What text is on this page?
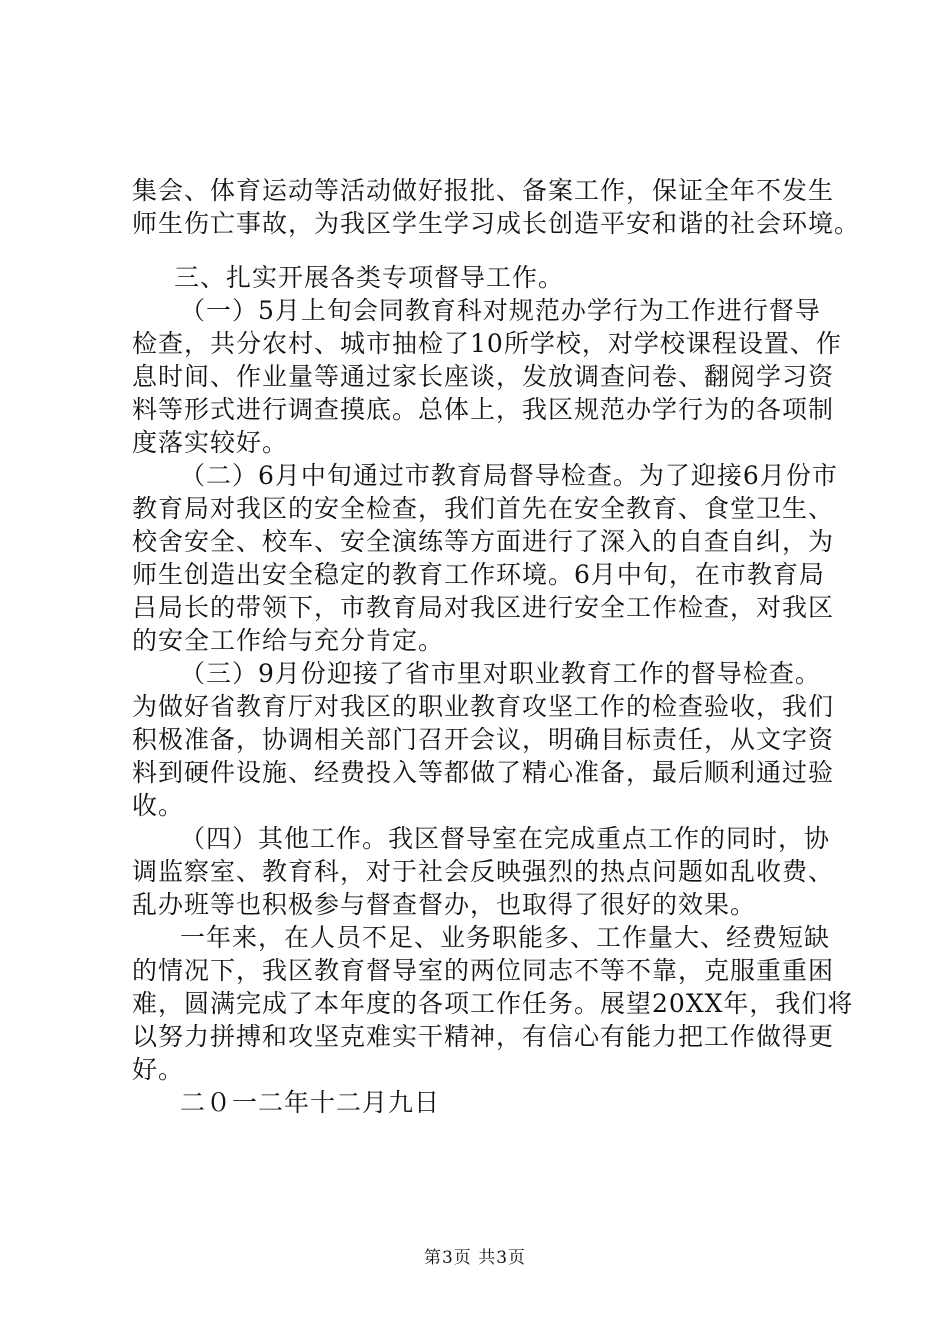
集会、体育运动等活动做好报批、备案工作，保证全年不发生
师生伤亡事故，为我区学生学习成长创造平安和谐的社会环境。
三、扎实开展各类专项督导工作。
（一）5月上旬会同教育科对规范办学行为工作进行督导
检查，共分农村、城市抽检了10所学校，对学校课程设置、作
息时间、作业量等通过家长座谈，发放调查问卷、翻阅学习资
料等形式进行调查摸底。总体上，我区规范办学行为的各项制
度落实较好。
（二）6月中旬通过市教育局督导检查。为了迎接6月份市
教育局对我区的安全检查，我们首先在安全教育、食堂卫生、
校舍安全、校车、安全演练等方面进行了深入的自查自纠，为
师生创造出安全稳定的教育工作环境。6月中旬，在市教育局
吕局长的带领下，市教育局对我区进行安全工作检查，对我区
的安全工作给与充分肯定。
（三）9月份迎接了省市里对职业教育工作的督导检查。
为做好省教育厅对我区的职业教育攻坚工作的检查验收，我们
积极准备，协调相关部门召开会议，明确目标责任，从文字资
料到硬件设施、经费投入等都做了精心准备，最后顺利通过验
收。
（四）其他工作。我区督导室在完成重点工作的同时，协
调监察室、教育科，对于社会反映强烈的热点问题如乱收费、
乱办班等也积极参与督查督办，也取得了很好的效果。
一年来，在人员不足、业务职能多、工作量大、经费短缺
的情况下，我区教育督导室的两位同志不等不靠，克服重重困
难，圆满完成了本年度的各项工作任务。展望20XX年，我们将
以努力拼搏和攻坚克难实干精神，有信心有能力把工作做得更
好。
二０一二年十二月九日
第3页 共3页
